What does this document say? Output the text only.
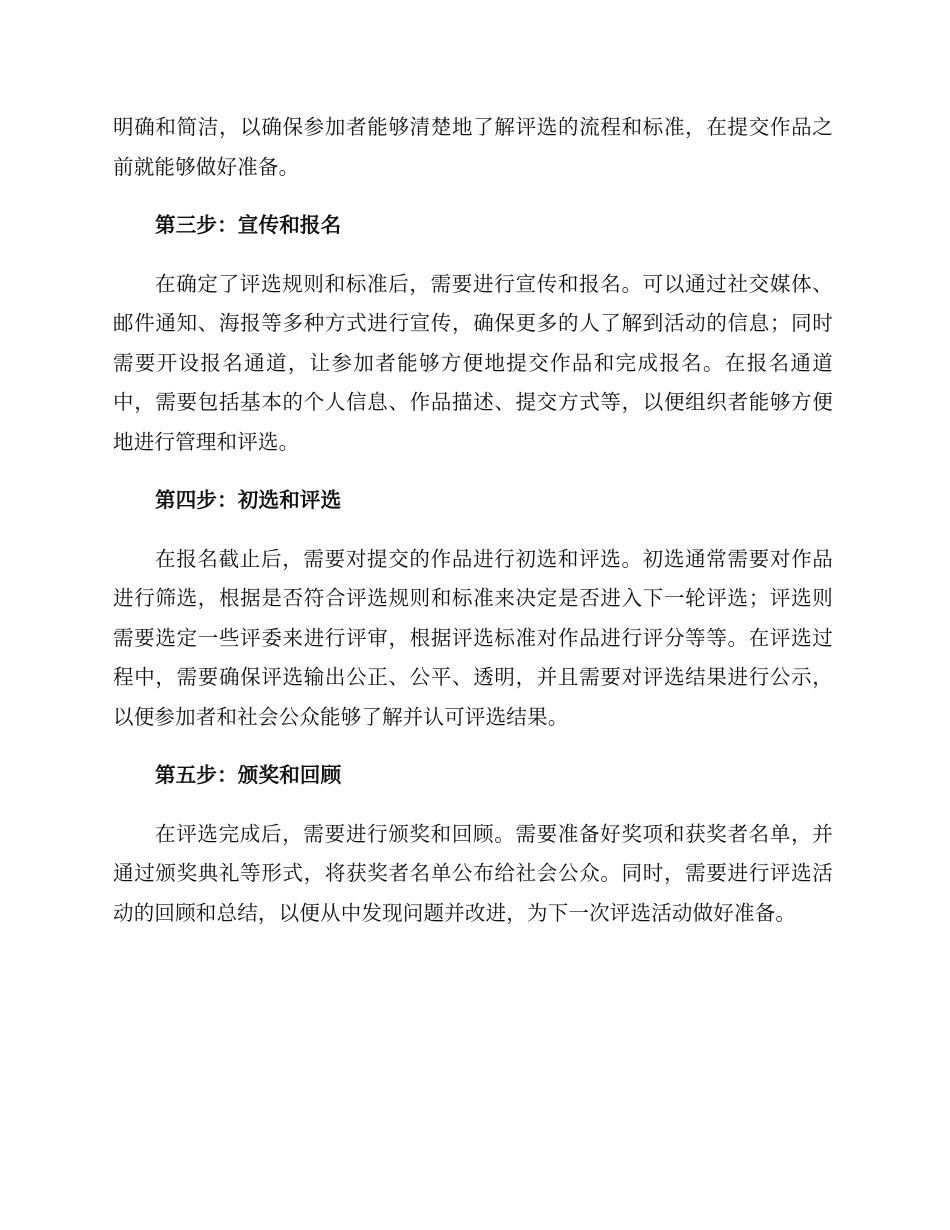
明确和简洁，以确保参加者能够清楚地了解评选的流程和标准，在提交作品之前就能够做好准备。

第三步：宣传和报名

在确定了评选规则和标准后，需要进行宣传和报名。可以通过社交媒体、邮件通知、海报等多种方式进行宣传，确保更多的人了解到活动的信息；同时需要开设报名通道，让参加者能够方便地提交作品和完成报名。在报名通道中，需要包括基本的个人信息、作品描述、提交方式等，以便组织者能够方便地进行管理和评选。

第四步：初选和评选

在报名截止后，需要对提交的作品进行初选和评选。初选通常需要对作品进行筛选，根据是否符合评选规则和标准来决定是否进入下一轮评选；评选则需要选定一些评委来进行评审，根据评选标准对作品进行评分等等。在评选过程中，需要确保评选输出公正、公平、透明，并且需要对评选结果进行公示，以便参加者和社会公众能够了解并认可评选结果。

第五步：颁奖和回顾

在评选完成后，需要进行颁奖和回顾。需要准备好奖项和获奖者名单，并通过颁奖典礼等形式，将获奖者名单公布给社会公众。同时，需要进行评选活动的回顾和总结，以便从中发现问题并改进，为下一次评选活动做好准备。
